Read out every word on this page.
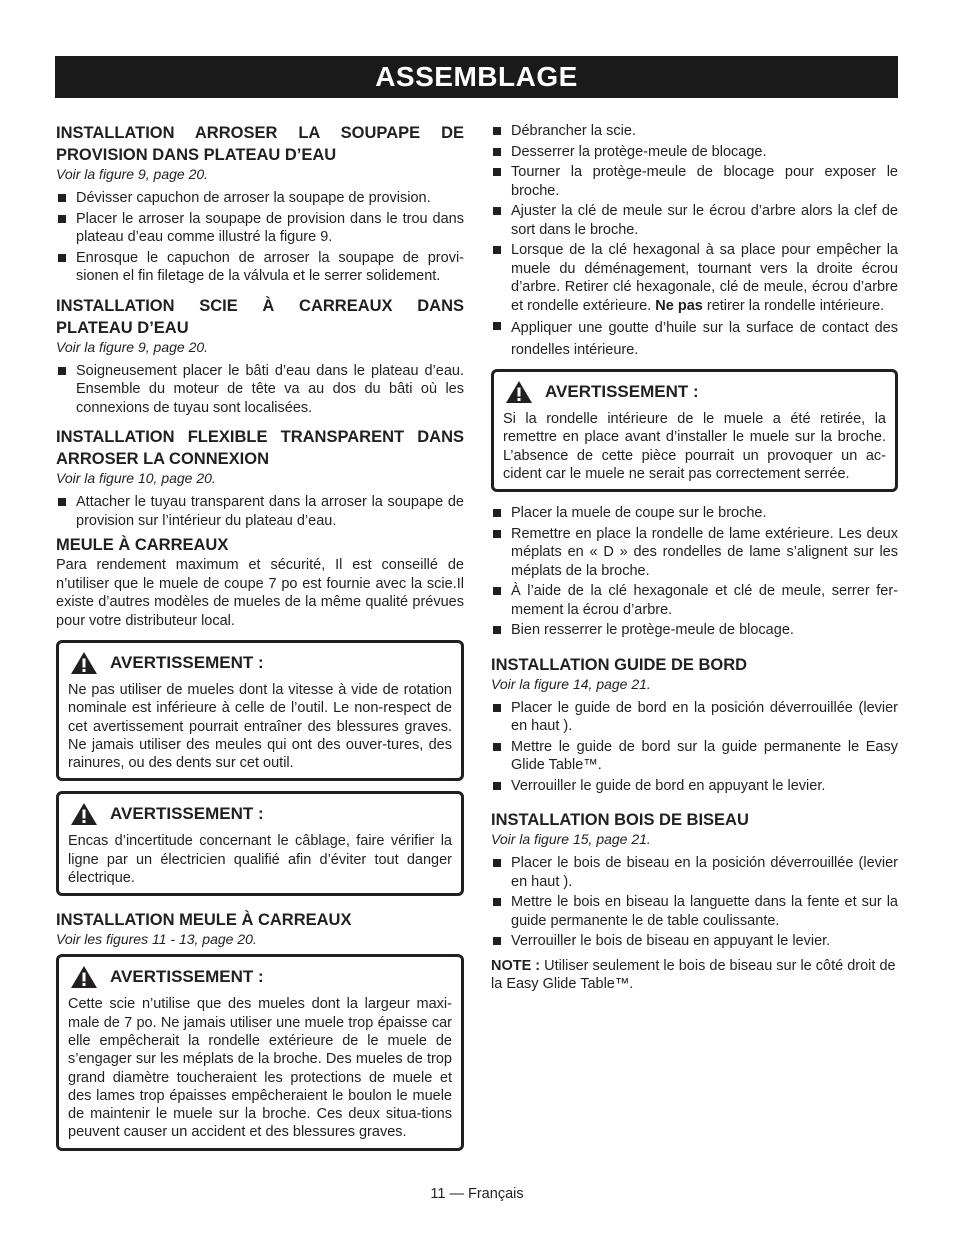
ASSEMBLAGE
INSTALLATION ARROSER LA SOUPAPE DE PROVISION DANS PLATEAU D’EAU
Voir la figure 9, page 20.
Dévisser capuchon de arroser la soupape de provision.
Placer le arroser la soupape de provision dans le trou dans plateau d’eau comme illustré la figure 9.
Enrosque le capuchon de arroser la soupape de provi-sionen el fin filetage de la válvula et le serrer solidement.
INSTALLATION SCIE À CARREAUX DANS PLATEAU D’EAU
Voir la figure 9, page 20.
Soigneusement placer le bâti d’eau dans le plateau d’eau. Ensemble du moteur de tête va au dos du bâti où les connexions de tuyau sont localisées.
INSTALLATION FLEXIBLE TRANSPARENT DANS ARROSER LA CONNEXION
Voir la figure 10, page 20.
Attacher le tuyau transparent dans la arroser la soupape de provision sur l’intérieur du plateau d’eau.
MEULE À CARREAUX

Para rendement maximum et sécurité, Il est conseillé de n’utiliser que le muele de coupe 7 po est fournie avec la scie.Il existe d’autres modèles de mueles de la même qualité prévues pour votre distributeur local.

AVERTISSEMENT :

Ne pas utiliser de mueles dont la vitesse à vide de rotation nominale est inférieure à celle de l’outil. Le non-respect de cet avertissement pourrait entraîner des blessures graves. Ne jamais utiliser des meules qui ont des ouver-tures, des rainures, ou des dents sur cet outil.

AVERTISSEMENT :

Encas d’incertitude concernant le câblage, faire vérifier la ligne par un électricien qualifié afin d’éviter tout danger électrique.

INSTALLATION MEULE À CARREAUX
Voir les figures 11 - 13, page 20.
AVERTISSEMENT :

Cette scie n’utilise que des mueles dont la largeur maxi-male de 7 po. Ne jamais utiliser une muele trop épaisse car elle empêcherait la rondelle extérieure de le muele de s’engager sur les méplats de la broche. Des mueles de trop grand diamètre toucheraient les protections de muele et des lames trop épaisses empêcheraient le boulon le muele de maintenir le muele sur la broche. Ces deux situa-tions peuvent causer un accident et des blessures graves.

Débrancher la scie.
Desserrer la protège-meule de blocage.
Tourner la protège-meule de blocage pour exposer le broche.
Ajuster la clé de meule sur le écrou d’arbre alors la clef de sort dans le broche.
Lorsque de la clé hexagonal à sa place pour empêcher la muele du déménagement, tournant vers la droite écrou d’arbre. Retirer clé hexagonale, clé de meule, écrou d’arbre et rondelle extérieure. Ne pas retirer la rondelle intérieure.
Appliquer une goutte d’huile sur la surface de contact des rondelles intérieure.
AVERTISSEMENT :

Si la rondelle intérieure de le muele a été retirée, la remettre en place avant d’installer le muele sur la broche. L’absence de cette pièce pourrait un provoquer un ac-cident car le muele ne serait pas correctement serrée.

Placer la muele de coupe sur le broche.
Remettre en place la rondelle de lame extérieure. Les deux méplats en « D » des rondelles de lame s’alignent sur les méplats de la broche.
À l’aide de la clé hexagonale et clé de meule, serrer fer-mement la écrou d’arbre.
Bien resserrer le protège-meule de blocage.
INSTALLATION GUIDE DE BORD
Voir la figure 14, page 21.
Placer le guide de bord en la posición déverrouillée (levier en haut ).
Mettre le guide de bord sur la guide permanente le Easy Glide Table™.
Verrouiller le guide de bord en appuyant le levier.
INSTALLATION BOIS DE BISEAU
Voir la figure 15, page 21.
Placer le bois de biseau en la posición déverrouillée (levier en haut ).
Mettre le bois en biseau la languette dans la fente et sur la guide permanente le de table coulissante.
Verrouiller le bois de biseau en appuyant le levier.

NOTE : Utiliser seulement le bois de biseau sur le côté droit de la Easy Glide Table™.

11 — Français
